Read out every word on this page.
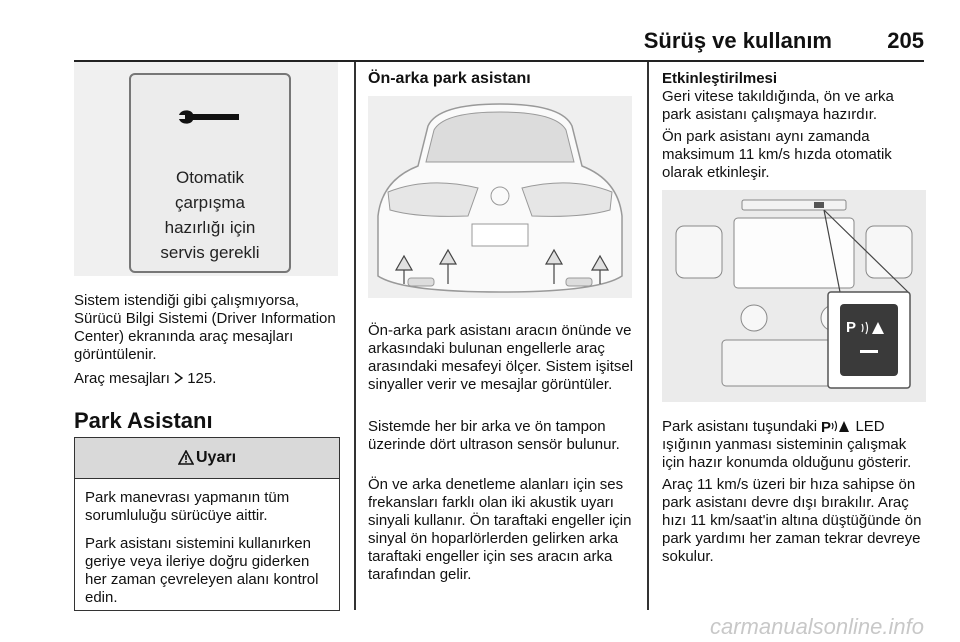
Sürüş ve kullanım	205
Otomatik
çarpışma
hazırlığı için
servis gerekli

Sistem istendiği gibi çalışmıyorsa, Sürücü Bilgi Sistemi (Driver Information Center) ekranında araç mesajları görüntülenir.

Araç mesajları 125.

Park Asistanı
Uyarı

Park manevrası yapmanın tüm sorumluluğu sürücüye aittir.

Park asistanı sistemini kullanırken geriye veya ileriye doğru giderken her zaman çevreleyen alanı kontrol edin.

Ön-arka park asistanı

Ön-arka park asistanı aracın önünde ve arkasındaki bulunan engellerle araç arasındaki mesafeyi ölçer. Sistem işitsel sinyaller verir ve mesajlar görüntüler.

Sistemde her bir arka ve ön tampon üzerinde dört ultrason sensör bulunur.

Ön ve arka denetleme alanları için ses frekansları farklı olan iki akustik uyarı sinyali kullanır. Ön taraftaki engeller için sinyal ön hoparlörlerden gelirken arka taraftaki engeller için ses aracın arka tarafından gelir.

Etkinleştirilmesi

Geri vitese takıldığında, ön ve arka park asistanı çalışmaya hazırdır.

Ön park asistanı aynı zamanda maksimum 11 km/s hızda otomatik olarak etkinleşir.

P

Park asistanı tuşundaki P LED ışığının yanması sisteminin çalışmak için hazır konumda olduğunu gösterir.

Araç 11 km/s üzeri bir hıza sahipse ön park asistanı devre dışı bırakılır. Araç hızı 11 km/saat'in altına düştüğünde ön park yardımı her zaman tekrar devreye sokulur.

carmanualsonline.info
